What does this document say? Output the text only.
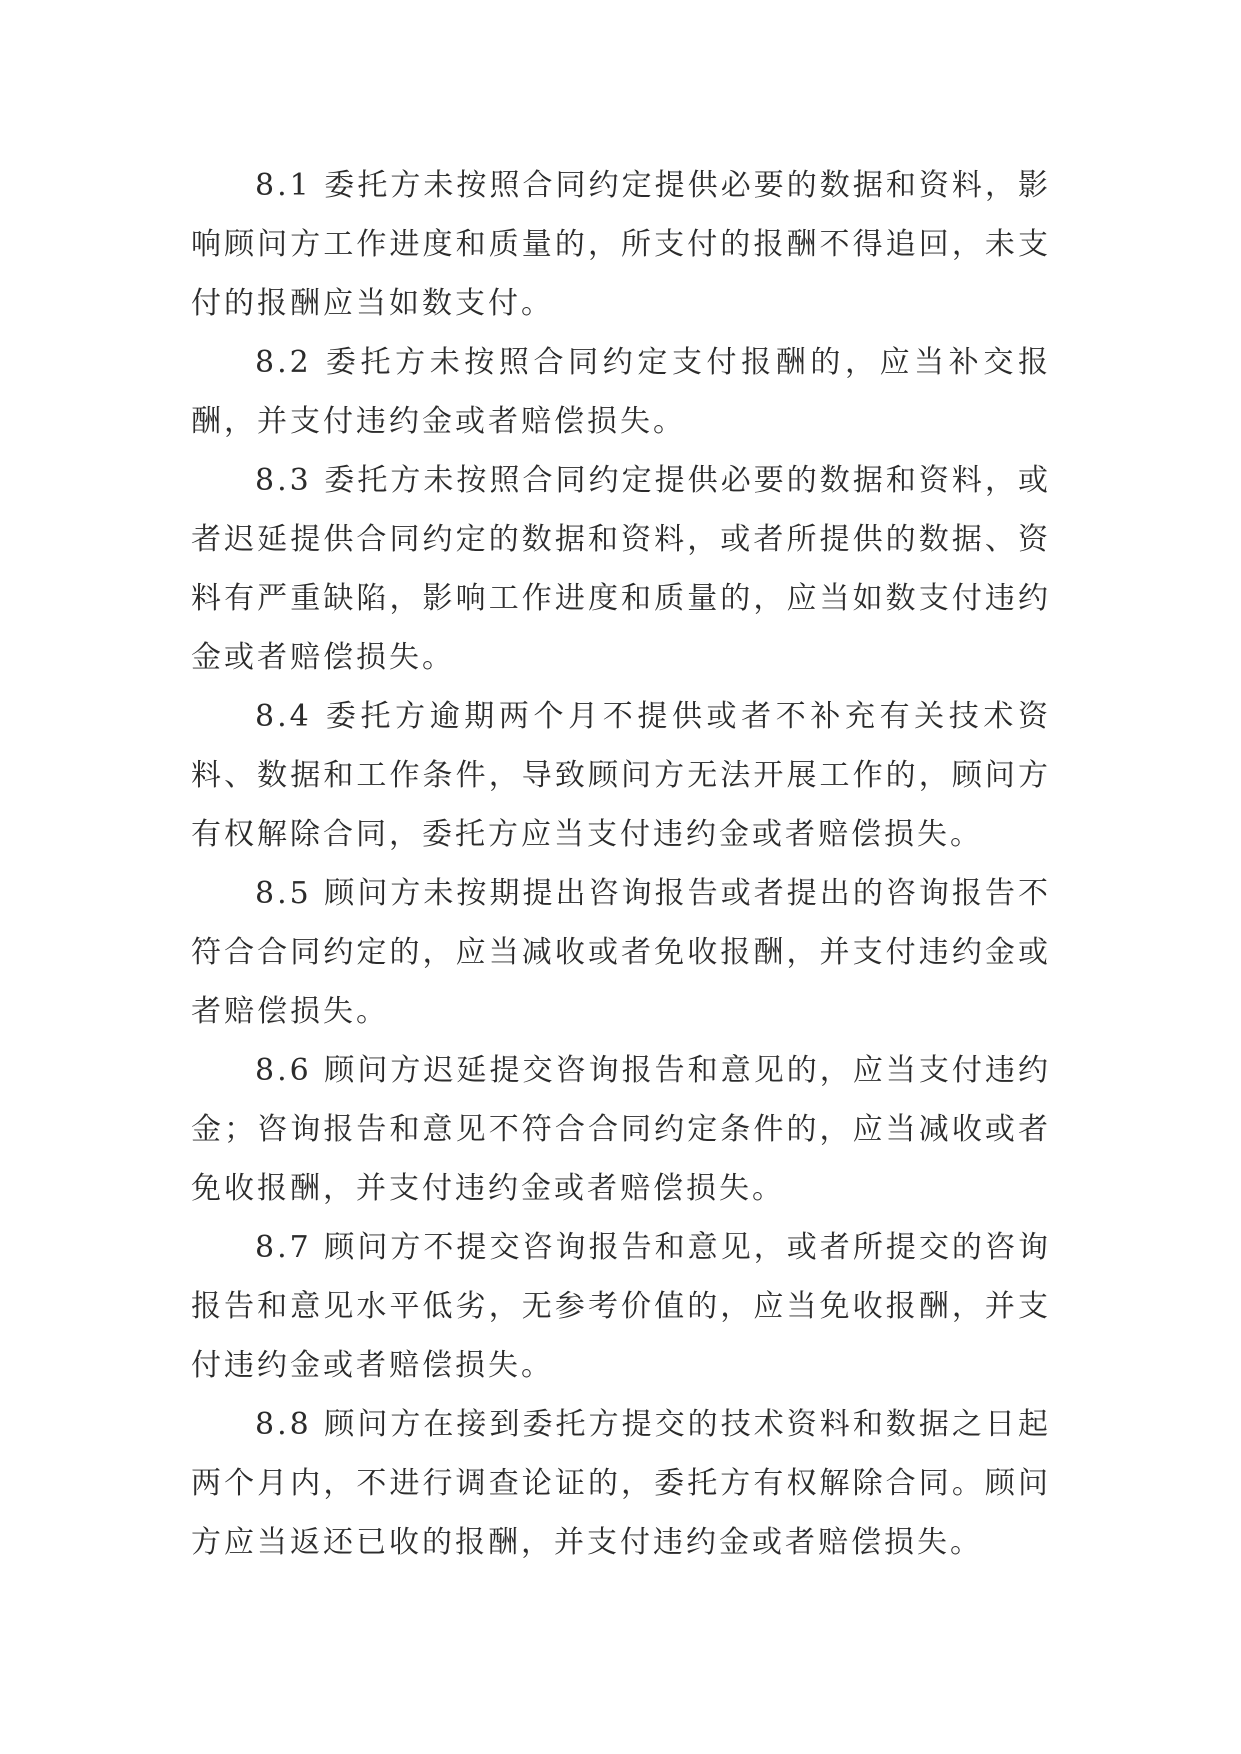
8.1 委托方未按照合同约定提供必要的数据和资料，影响顾问方工作进度和质量的，所支付的报酬不得追回，未支付的报酬应当如数支付。

8.2 委托方未按照合同约定支付报酬的，应当补交报酬，并支付违约金或者赔偿损失。

8.3 委托方未按照合同约定提供必要的数据和资料，或者迟延提供合同约定的数据和资料，或者所提供的数据、资料有严重缺陷，影响工作进度和质量的，应当如数支付违约金或者赔偿损失。

8.4 委托方逾期两个月不提供或者不补充有关技术资料、数据和工作条件，导致顾问方无法开展工作的，顾问方有权解除合同，委托方应当支付违约金或者赔偿损失。

8.5 顾问方未按期提出咨询报告或者提出的咨询报告不符合合同约定的，应当减收或者免收报酬，并支付违约金或者赔偿损失。

8.6 顾问方迟延提交咨询报告和意见的，应当支付违约金；咨询报告和意见不符合合同约定条件的，应当减收或者免收报酬，并支付违约金或者赔偿损失。

8.7 顾问方不提交咨询报告和意见，或者所提交的咨询报告和意见水平低劣，无参考价值的，应当免收报酬，并支付违约金或者赔偿损失。

8.8 顾问方在接到委托方提交的技术资料和数据之日起两个月内，不进行调查论证的，委托方有权解除合同。顾问方应当返还已收的报酬，并支付违约金或者赔偿损失。
